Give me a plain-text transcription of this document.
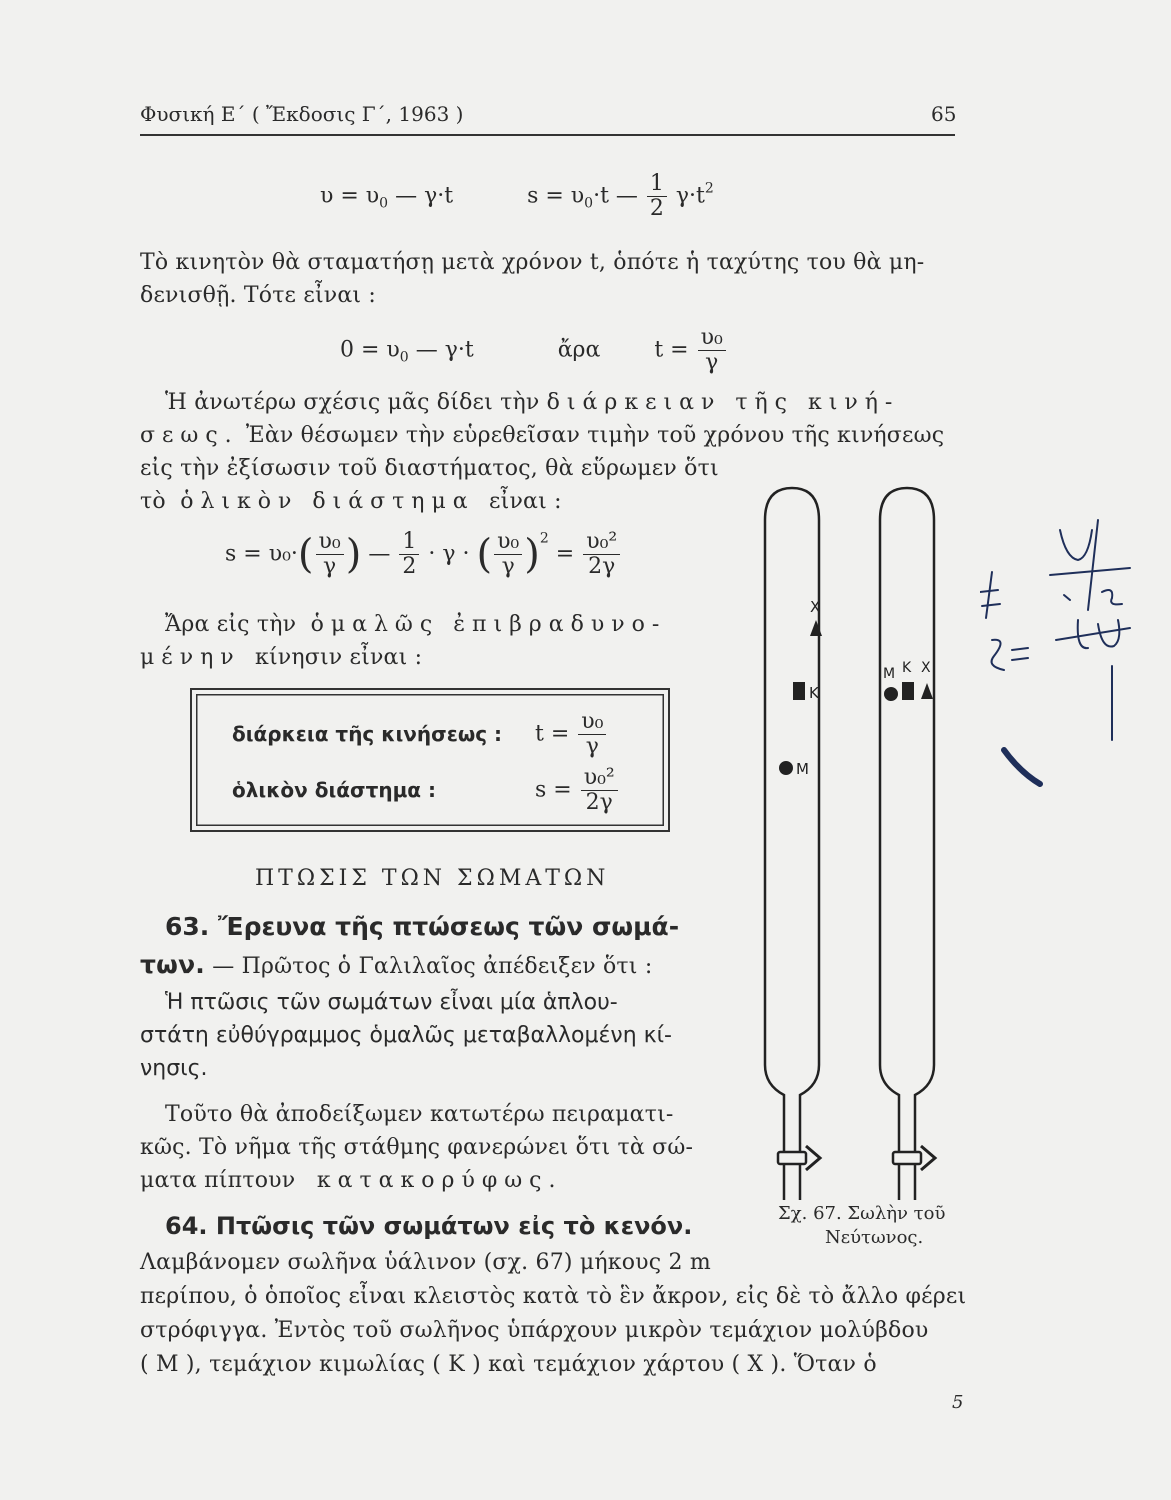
Φυσική Ε΄ ( Ἔκδοσις Γ΄, 1963 )	65
$\upsilon = \upsilon_0$ — γ·t	$s = \upsilon_0\cdot t$ — $\frac{1}{2} \gamma\cdot t^2$
Τὸ κινητὸν θὰ σταματήσῃ μετὰ χρόνον t, ὁπότε ἡ ταχύτης του θὰ μη-
δενισθῇ. Τότε εἶναι :
$0 = \upsilon_0$ — γ·t	ἄρα $t = \frac{\text{υ₀}}{\gamma}$
Ἡ ἀνωτέρω σχέσις μᾶς δίδει τὴν διάρκειαν τῆς κινή-
σεως. Ἐὰν θέσωμεν τὴν εὑρεθεῖσαν τιμὴν τοῦ χρόνου τῆς κινήσεως
εἰς τὴν ἐξίσωσιν τοῦ διαστήματος, θὰ εὕρωμεν ὅτι
τὸ ὁλικὸν διάστημα εἶναι :
$s = \upsilon_0\cdot( \frac{\text{υ₀}}{\gamma}$ ) — $\frac{1}{2} \cdot \gamma$ · ( $\frac{\text{υ₀}}{\gamma} )^2 = \frac{\text{υ₀²}}{2\gamma}$
Ἄρα εἰς τὴν ὁμαλῶς ἐπιβραδυνο-
μένην κίνησιν εἶναι :
διάρκεια τῆς κινήσεως : $t = \frac{\text{υ₀}}{\gamma}$
ὁλικὸν διάστημα :	$s = \frac{\text{υ₀²}}{2\gamma}$
ΠΤΩΣΙΣ ΤΩΝ ΣΩΜΑΤΩΝ
63. Ἔρευνα τῆς πτώσεως τῶν σωμά-
των. — Πρῶτος ὁ Γαλιλαῖος ἀπέδειξεν ὅτι :
Ἡ πτῶσις τῶν σωμάτων εἶναι μία ἁπλου-
στάτη εὐθύγραμμος ὁμαλῶς μεταβαλλομένη κί-
νησις.
Τοῦτο θὰ ἀποδείξωμεν κατωτέρω πειραματι-
κῶς. Τὸ νῆμα τῆς στάθμης φανερώνει ὅτι τὰ σώ-
ματα πίπτουν κατακορύφως.
64. Πτῶσις τῶν σωμάτων εἰς τὸ κενόν.
Λαμβάνομεν σωλῆνα ὑάλινον (σχ. 67) μήκους 2 m
περίπου, ὁ ὁποῖος εἶναι κλειστὸς κατὰ τὸ ἓν ἄκρον, εἰς δὲ τὸ ἄλλο φέρει
στρόφιγγα. Ἐντὸς τοῦ σωλῆνος ὑπάρχουν μικρὸν τεμάχιον μολύβδου
( Μ ), τεμάχιον κιμωλίας ( Κ ) καὶ τεμάχιον χάρτου ( Χ ). Ὅταν ὁ
X
K
M
M K X
Σχ. 67. Σωλὴν τοῦ
Νεύτωνος.
5
